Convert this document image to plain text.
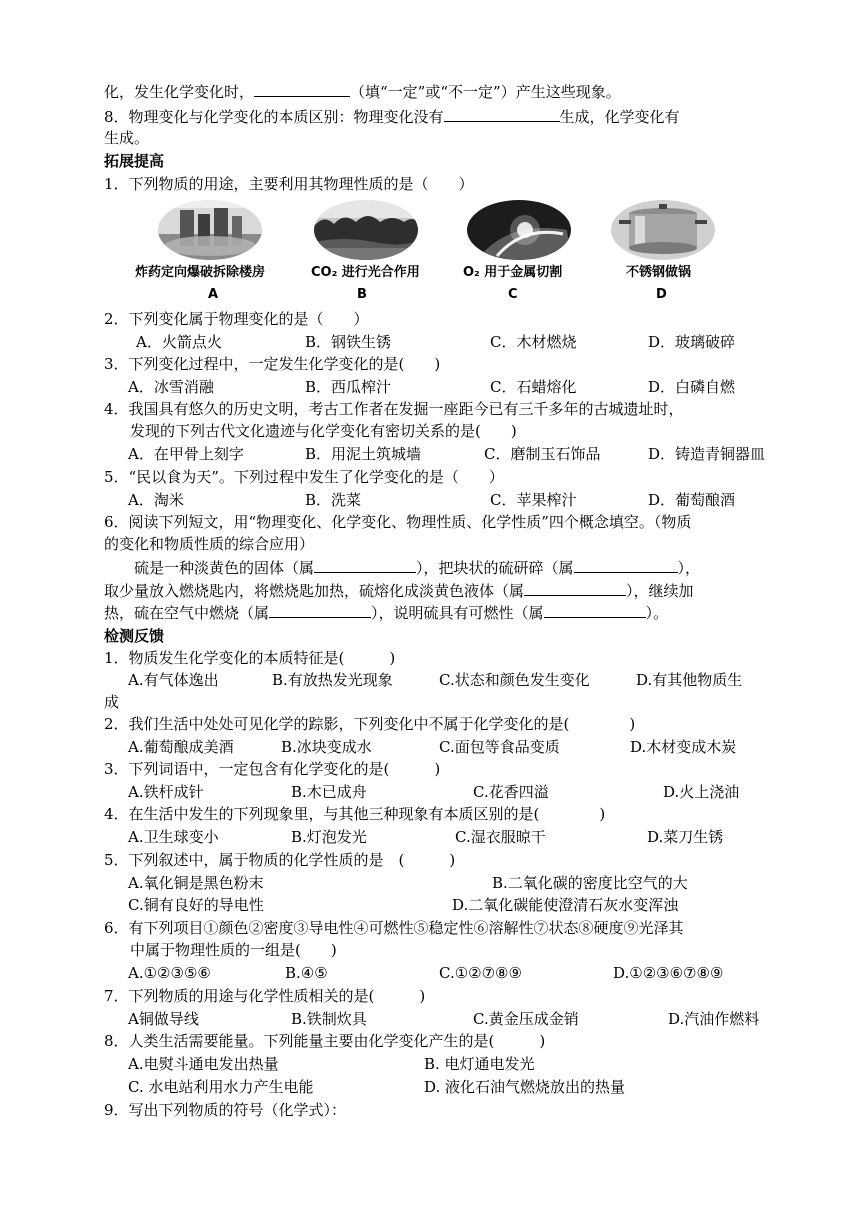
化，发生化学变化时，	（填“一定”或“不一定”）产生这些现象。
8．物理变化与化学变化的本质区别：物理变化没有	生成，化学变化有
生成。
拓展提高
1．下列物质的用途，主要利用其物理性质的是（　　）
炸药定向爆破拆除楼房	CO₂ 进行光合作用	O₂ 用于金属切割	不锈钢做锅
A	B	C	D
2．下列变化属于物理变化的是（　　）
A．火箭点火	B．钢铁生锈	C．木材燃烧	D．玻璃破碎
3．下列变化过程中，一定发生化学变化的是(　　)
A．冰雪消融	B．西瓜榨汁	C．石蜡熔化	D．白磷自燃
4．我国具有悠久的历史文明，考古工作者在发掘一座距今已有三千多年的古城遗址时，
发现的下列古代文化遗迹与化学变化有密切关系的是(　　)
A．在甲骨上刻字	B．用泥土筑城墙	C．磨制玉石饰品	D．铸造青铜器皿
5．“民以食为天”。下列过程中发生了化学变化的是（　　）
A．淘米	B．洗菜	C．苹果榨汁	D．葡萄酿酒
6．阅读下列短文，用“物理变化、化学变化、物理性质、化学性质”四个概念填空。（物质
的变化和物质性质的综合应用）
硫是一种淡黄色的固体（属	），把块状的硫研碎（属	），
取少量放入燃烧匙内，将燃烧匙加热，硫熔化成淡黄色液体（属	），继续加
热，硫在空气中燃烧（属	），说明硫具有可燃性（属	）。
检测反馈
1．物质发生化学变化的本质特征是(　　　)
A.有气体逸出	B.有放热发光现象	C.状态和颜色发生变化	D.有其他物质生
成
2．我们生活中处处可见化学的踪影，下列变化中不属于化学变化的是(　　　　)
A.葡萄酿成美酒	B.冰块变成水	C.面包等食品变质	D.木材变成木炭
3．下列词语中，一定包含有化学变化的是(　　　)
A.铁杆成针	B.木已成舟	C.花香四溢	D.火上浇油
4．在生活中发生的下列现象里，与其他三种现象有本质区别的是(　　　　)
A.卫生球变小	B.灯泡发光	C.湿衣服晾干	D.菜刀生锈
5．下列叙述中，属于物质的化学性质的是　(　　　)
A.氧化铜是黑色粉末	B.二氧化碳的密度比空气的大
C.铜有良好的导电性	D.二氧化碳能使澄清石灰水变浑浊
6．有下列项目①颜色②密度③导电性④可燃性⑤稳定性⑥溶解性⑦状态⑧硬度⑨光泽其
中属于物理性质的一组是(　　)
A.①②③⑤⑥	B.④⑤	C.①②⑦⑧⑨	D.①②③⑥⑦⑧⑨
7．下列物质的用途与化学性质相关的是(　　　)
A铜做导线	B.铁制炊具	C.黄金压成金销	D.汽油作燃料
8．人类生活需要能量。下列能量主要由化学变化产生的是(　　　)
A.电熨斗通电发出热量	B. 电灯通电发光
C. 水电站利用水力产生电能	D. 液化石油气燃烧放出的热量
9．写出下列物质的符号（化学式）：
